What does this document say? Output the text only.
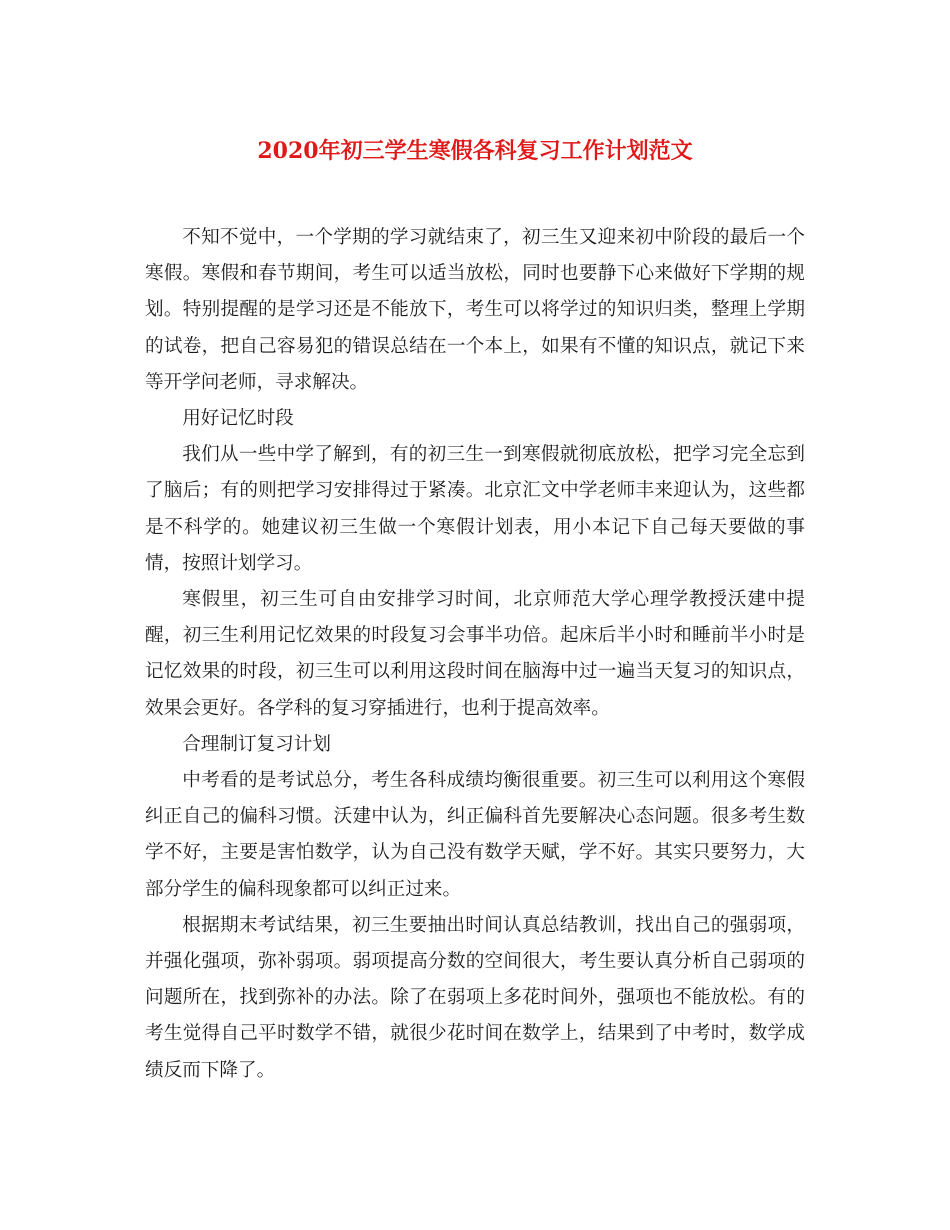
2020年初三学生寒假各科复习工作计划范文

不知不觉中，一个学期的学习就结束了，初三生又迎来初中阶段的最后一个寒假。寒假和春节期间，考生可以适当放松，同时也要静下心来做好下学期的规划。特别提醒的是学习还是不能放下，考生可以将学过的知识归类，整理上学期的试卷，把自己容易犯的错误总结在一个本上，如果有不懂的知识点，就记下来等开学问老师，寻求解决。

用好记忆时段

我们从一些中学了解到，有的初三生一到寒假就彻底放松，把学习完全忘到了脑后；有的则把学习安排得过于紧凑。北京汇文中学老师丰来迎认为，这些都是不科学的。她建议初三生做一个寒假计划表，用小本记下自己每天要做的事情，按照计划学习。

寒假里，初三生可自由安排学习时间，北京师范大学心理学教授沃建中提醒，初三生利用记忆效果的时段复习会事半功倍。起床后半小时和睡前半小时是记忆效果的时段，初三生可以利用这段时间在脑海中过一遍当天复习的知识点，效果会更好。各学科的复习穿插进行，也利于提高效率。

合理制订复习计划

中考看的是考试总分，考生各科成绩均衡很重要。初三生可以利用这个寒假纠正自己的偏科习惯。沃建中认为，纠正偏科首先要解决心态问题。很多考生数学不好，主要是害怕数学，认为自己没有数学天赋，学不好。其实只要努力，大部分学生的偏科现象都可以纠正过来。

根据期末考试结果，初三生要抽出时间认真总结教训，找出自己的强弱项，并强化强项，弥补弱项。弱项提高分数的空间很大，考生要认真分析自己弱项的问题所在，找到弥补的办法。除了在弱项上多花时间外，强项也不能放松。有的考生觉得自己平时数学不错，就很少花时间在数学上，结果到了中考时，数学成绩反而下降了。
